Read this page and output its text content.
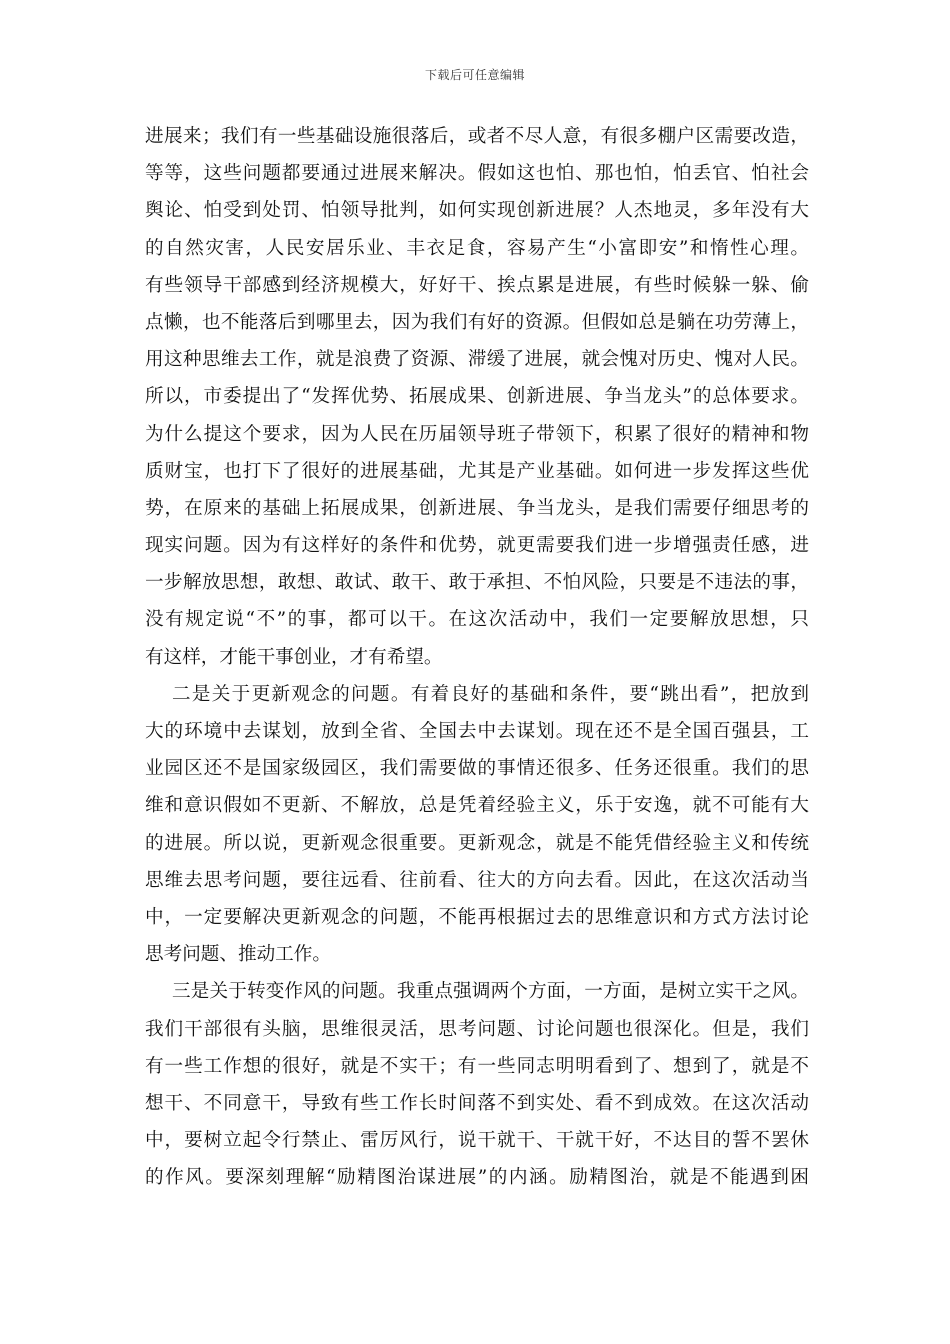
下载后可任意编辑
进展来；我们有一些基础设施很落后，或者不尽人意，有很多棚户区需要改造，
等等，这些问题都要通过进展来解决。假如这也怕、那也怕，怕丢官、怕社会
舆论、怕受到处罚、怕领导批判，如何实现创新进展？人杰地灵，多年没有大
的自然灾害，人民安居乐业、丰衣足食，容易产生“小富即安”和惰性心理。
有些领导干部感到经济规模大，好好干、挨点累是进展，有些时候躲一躲、偷
点懒，也不能落后到哪里去，因为我们有好的资源。但假如总是躺在功劳薄上，
用这种思维去工作，就是浪费了资源、滞缓了进展，就会愧对历史、愧对人民。
所以，市委提出了“发挥优势、拓展成果、创新进展、争当龙头”的总体要求。
为什么提这个要求，因为人民在历届领导班子带领下，积累了很好的精神和物
质财宝，也打下了很好的进展基础，尤其是产业基础。如何进一步发挥这些优
势，在原来的基础上拓展成果，创新进展、争当龙头，是我们需要仔细思考的
现实问题。因为有这样好的条件和优势，就更需要我们进一步增强责任感，进
一步解放思想，敢想、敢试、敢干、敢于承担、不怕风险，只要是不违法的事，
没有规定说“不”的事，都可以干。在这次活动中，我们一定要解放思想，只
有这样，才能干事创业，才有希望。
二是关于更新观念的问题。有着良好的基础和条件，要“跳出看”，把放到
大的环境中去谋划，放到全省、全国去中去谋划。现在还不是全国百强县，工
业园区还不是国家级园区，我们需要做的事情还很多、任务还很重。我们的思
维和意识假如不更新、不解放，总是凭着经验主义，乐于安逸，就不可能有大
的进展。所以说，更新观念很重要。更新观念，就是不能凭借经验主义和传统
思维去思考问题，要往远看、往前看、往大的方向去看。因此，在这次活动当
中，一定要解决更新观念的问题，不能再根据过去的思维意识和方式方法讨论
思考问题、推动工作。
三是关于转变作风的问题。我重点强调两个方面，一方面，是树立实干之风。
我们干部很有头脑，思维很灵活，思考问题、讨论问题也很深化。但是，我们
有一些工作想的很好，就是不实干；有一些同志明明看到了、想到了，就是不
想干、不同意干，导致有些工作长时间落不到实处、看不到成效。在这次活动
中，要树立起令行禁止、雷厉风行，说干就干、干就干好，不达目的誓不罢休
的作风。要深刻理解“励精图治谋进展”的内涵。励精图治，就是不能遇到困
